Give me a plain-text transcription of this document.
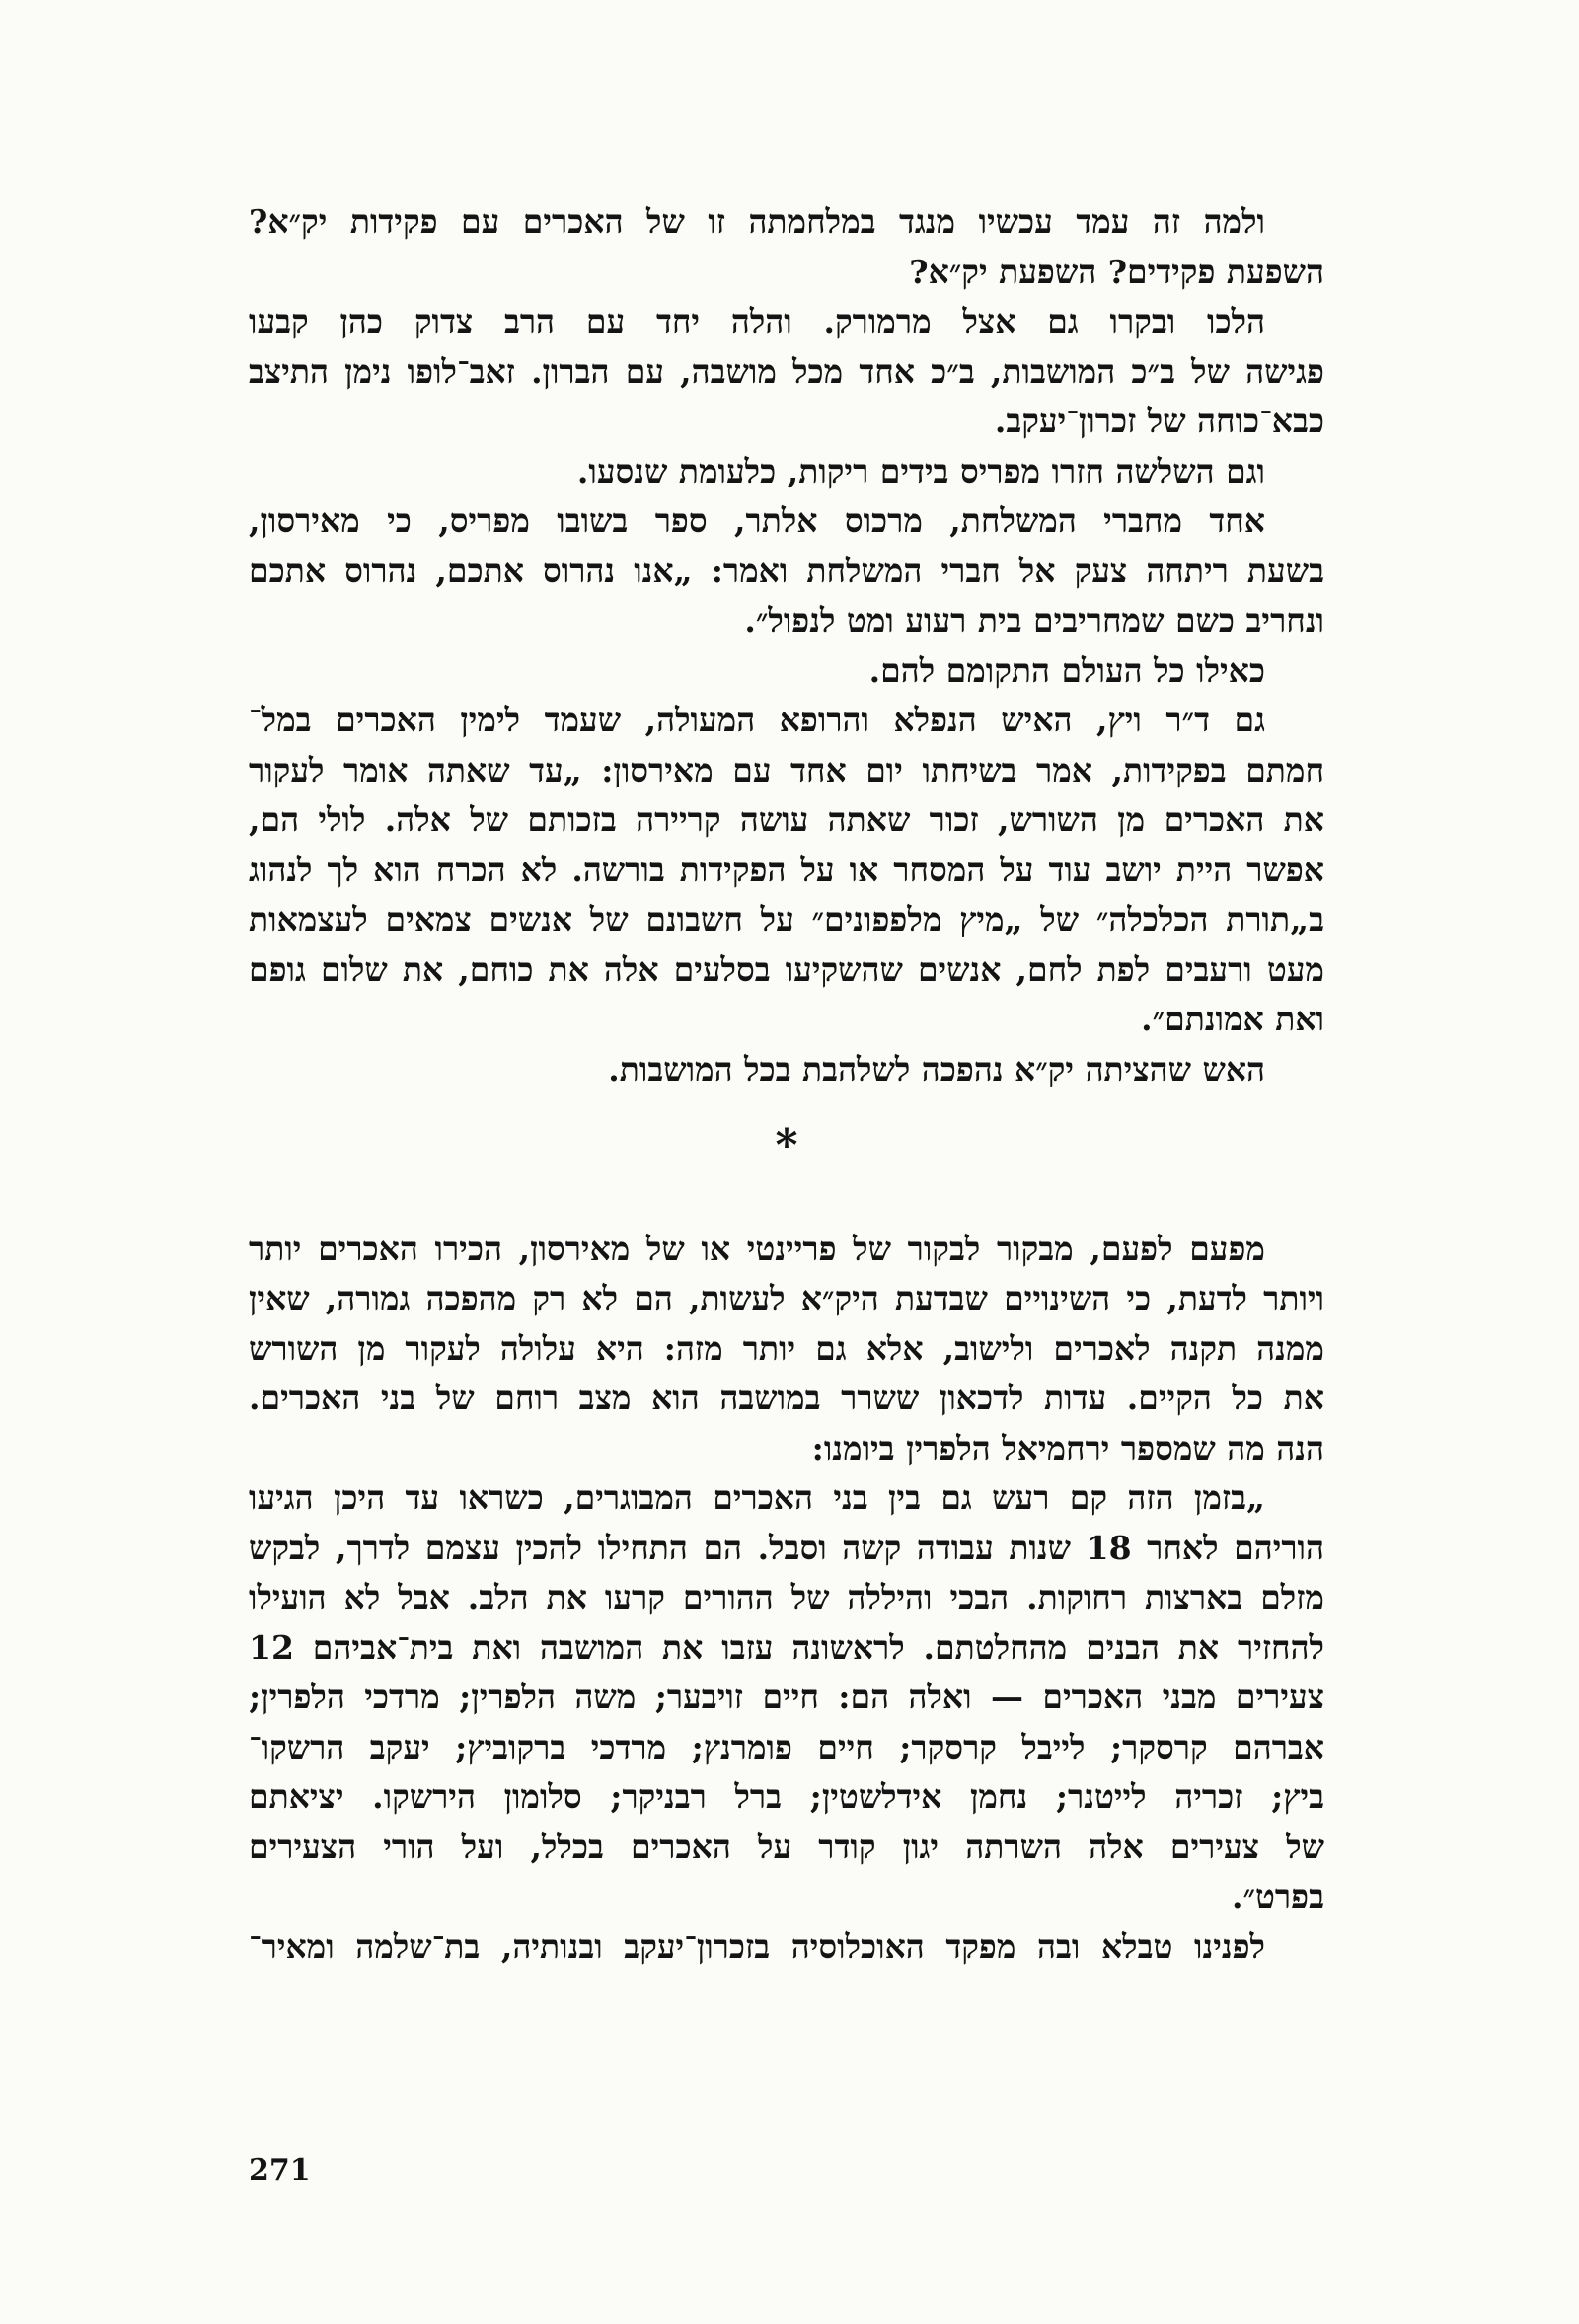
ולמה זה עמד עכשיו מנגד במלחמתה זו של האכרים עם פקידות יק״א?
השפעת פקידים? השפעת יק״א?
הלכו ובקרו גם אצל מרמורק. והלה יחד עם הרב צדוק כהן קבעו
פגישה של ב״כ המושבות, ב״כ אחד מכל מושבה, עם הברון. זאב־לופו נימן התיצב
כבא־כוחה של זכרון־יעקב.
וגם השלשה חזרו מפריס בידים ריקות, כלעומת שנסעו.
אחד מחברי המשלחת, מרכוס אלתר, ספר בשובו מפריס, כי מאירסון,
בשעת ריתחה צעק אל חברי המשלחת ואמר: „אנו נהרוס אתכם, נהרוס אתכם
ונחריב כשם שמחריבים בית רעוע ומט לנפול״.
כאילו כל העולם התקומם להם.
גם ד״ר ויץ, האיש הנפלא והרופא המעולה, שעמד לימין האכרים במל־
חמתם בפקידות, אמר בשיחתו יום אחד עם מאירסון: „עד שאתה אומר לעקור
את האכרים מן השורש, זכור שאתה עושה קריירה בזכותם של אלה. לולי הם,
אפשר היית יושב עוד על המסחר או על הפקידות בורשה. לא הכרח הוא לך לנהוג
ב„תורת הכלכלה״ של „מיץ מלפפונים״ על חשבונם של אנשים צמאים לעצמאות
מעט ורעבים לפת לחם, אנשים שהשקיעו בסלעים אלה את כוחם, את שלום גופם
ואת אמונתם״.
האש שהציתה יק״א נהפכה לשלהבת בכל המושבות.
*
מפעם לפעם, מבקור לבקור של פריינטי או של מאירסון, הכירו האכרים יותר
ויותר לדעת, כי השינויים שבדעת היק״א לעשות, הם לא רק מהפכה גמורה, שאין
ממנה תקנה לאכרים ולישוב, אלא גם יותר מזה: היא עלולה לעקור מן השורש
את כל הקיים. עדות לדכאון ששרר במושבה הוא מצב רוחם של בני האכרים.
הנה מה שמספר ירחמיאל הלפרין ביומנו:
„בזמן הזה קם רעש גם בין בני האכרים המבוגרים, כשראו עד היכן הגיעו
הוריהם לאחר 18 שנות עבודה קשה וסבל. הם התחילו להכין עצמם לדרך, לבקש
מזלם בארצות רחוקות. הבכי והיללה של ההורים קרעו את הלב. אבל לא הועילו
להחזיר את הבנים מהחלטתם. לראשונה עזבו את המושבה ואת בית־אביהם 12
צעירים מבני האכרים — ואלה הם: חיים זויבער; משה הלפרין; מרדכי הלפרין;
אברהם קרסקר; לייבל קרסקר; חיים פומרנץ; מרדכי ברקוביץ; יעקב הרשקו־
ביץ; זכריה לייטנר; נחמן אידלשטין; ברל רבניקר; סלומון הירשקו. יציאתם
של צעירים אלה השרתה יגון קודר על האכרים בכלל, ועל הורי הצעירים
בפרט״.
לפנינו טבלא ובה מפקד האוכלוסיה בזכרון־יעקב ובנותיה, בת־שלמה ומאיר־
271
